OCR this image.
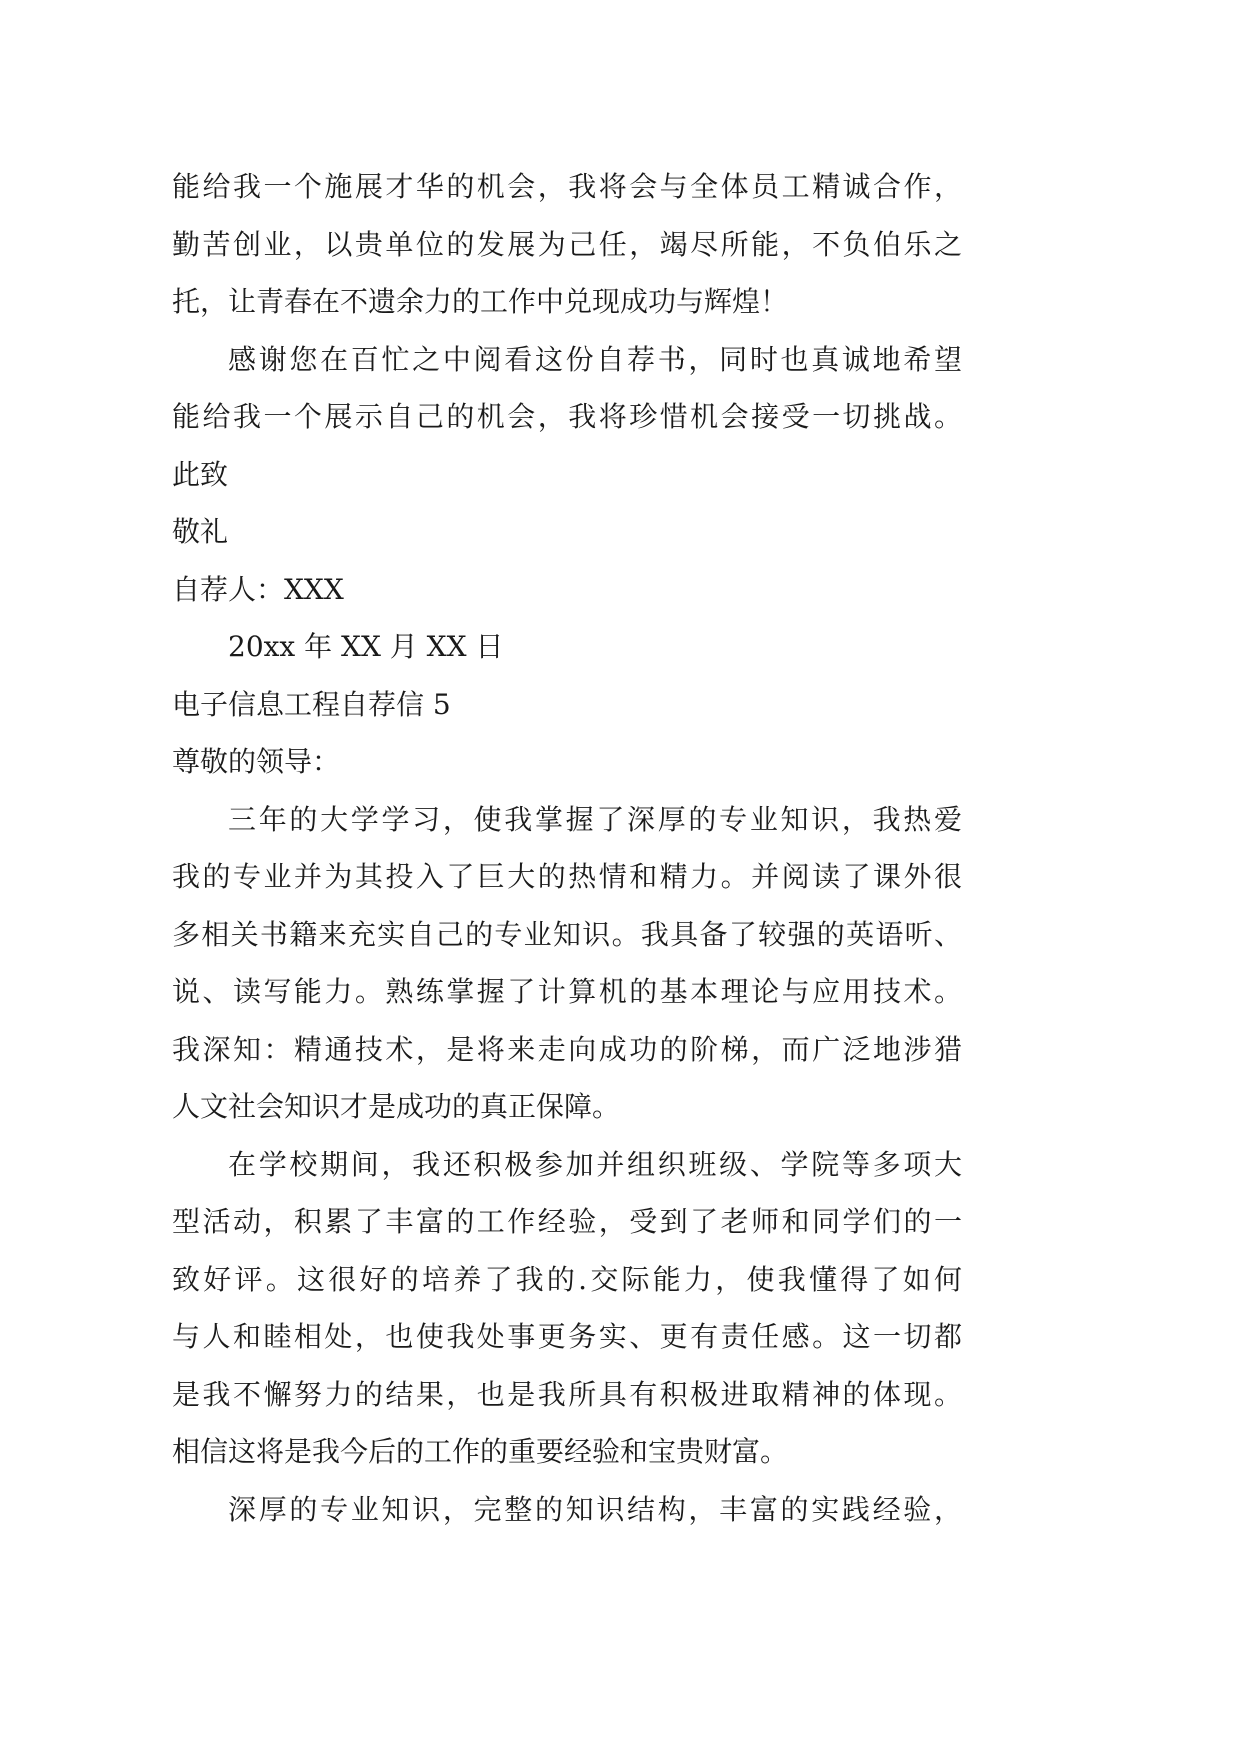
能给我一个施展才华的机会，我将会与全体员工精诚合作，
勤苦创业，以贵单位的发展为己任，竭尽所能，不负伯乐之
托，让青春在不遗余力的工作中兑现成功与辉煌！
感谢您在百忙之中阅看这份自荐书，同时也真诚地希望
能给我一个展示自己的机会，我将珍惜机会接受一切挑战。
此致
敬礼
自荐人：XXX
20xx 年 XX 月 XX 日
电子信息工程自荐信 5
尊敬的领导：
三年的大学学习，使我掌握了深厚的专业知识，我热爱
我的专业并为其投入了巨大的热情和精力。并阅读了课外很
多相关书籍来充实自己的专业知识。我具备了较强的英语听、
说、读写能力。熟练掌握了计算机的基本理论与应用技术。
我深知：精通技术，是将来走向成功的阶梯，而广泛地涉猎
人文社会知识才是成功的真正保障。
在学校期间，我还积极参加并组织班级、学院等多项大
型活动，积累了丰富的工作经验，受到了老师和同学们的一
致好评。这很好的培养了我的.交际能力，使我懂得了如何
与人和睦相处，也使我处事更务实、更有责任感。这一切都
是我不懈努力的结果，也是我所具有积极进取精神的体现。
相信这将是我今后的工作的重要经验和宝贵财富。
深厚的专业知识，完整的知识结构，丰富的实践经验，
